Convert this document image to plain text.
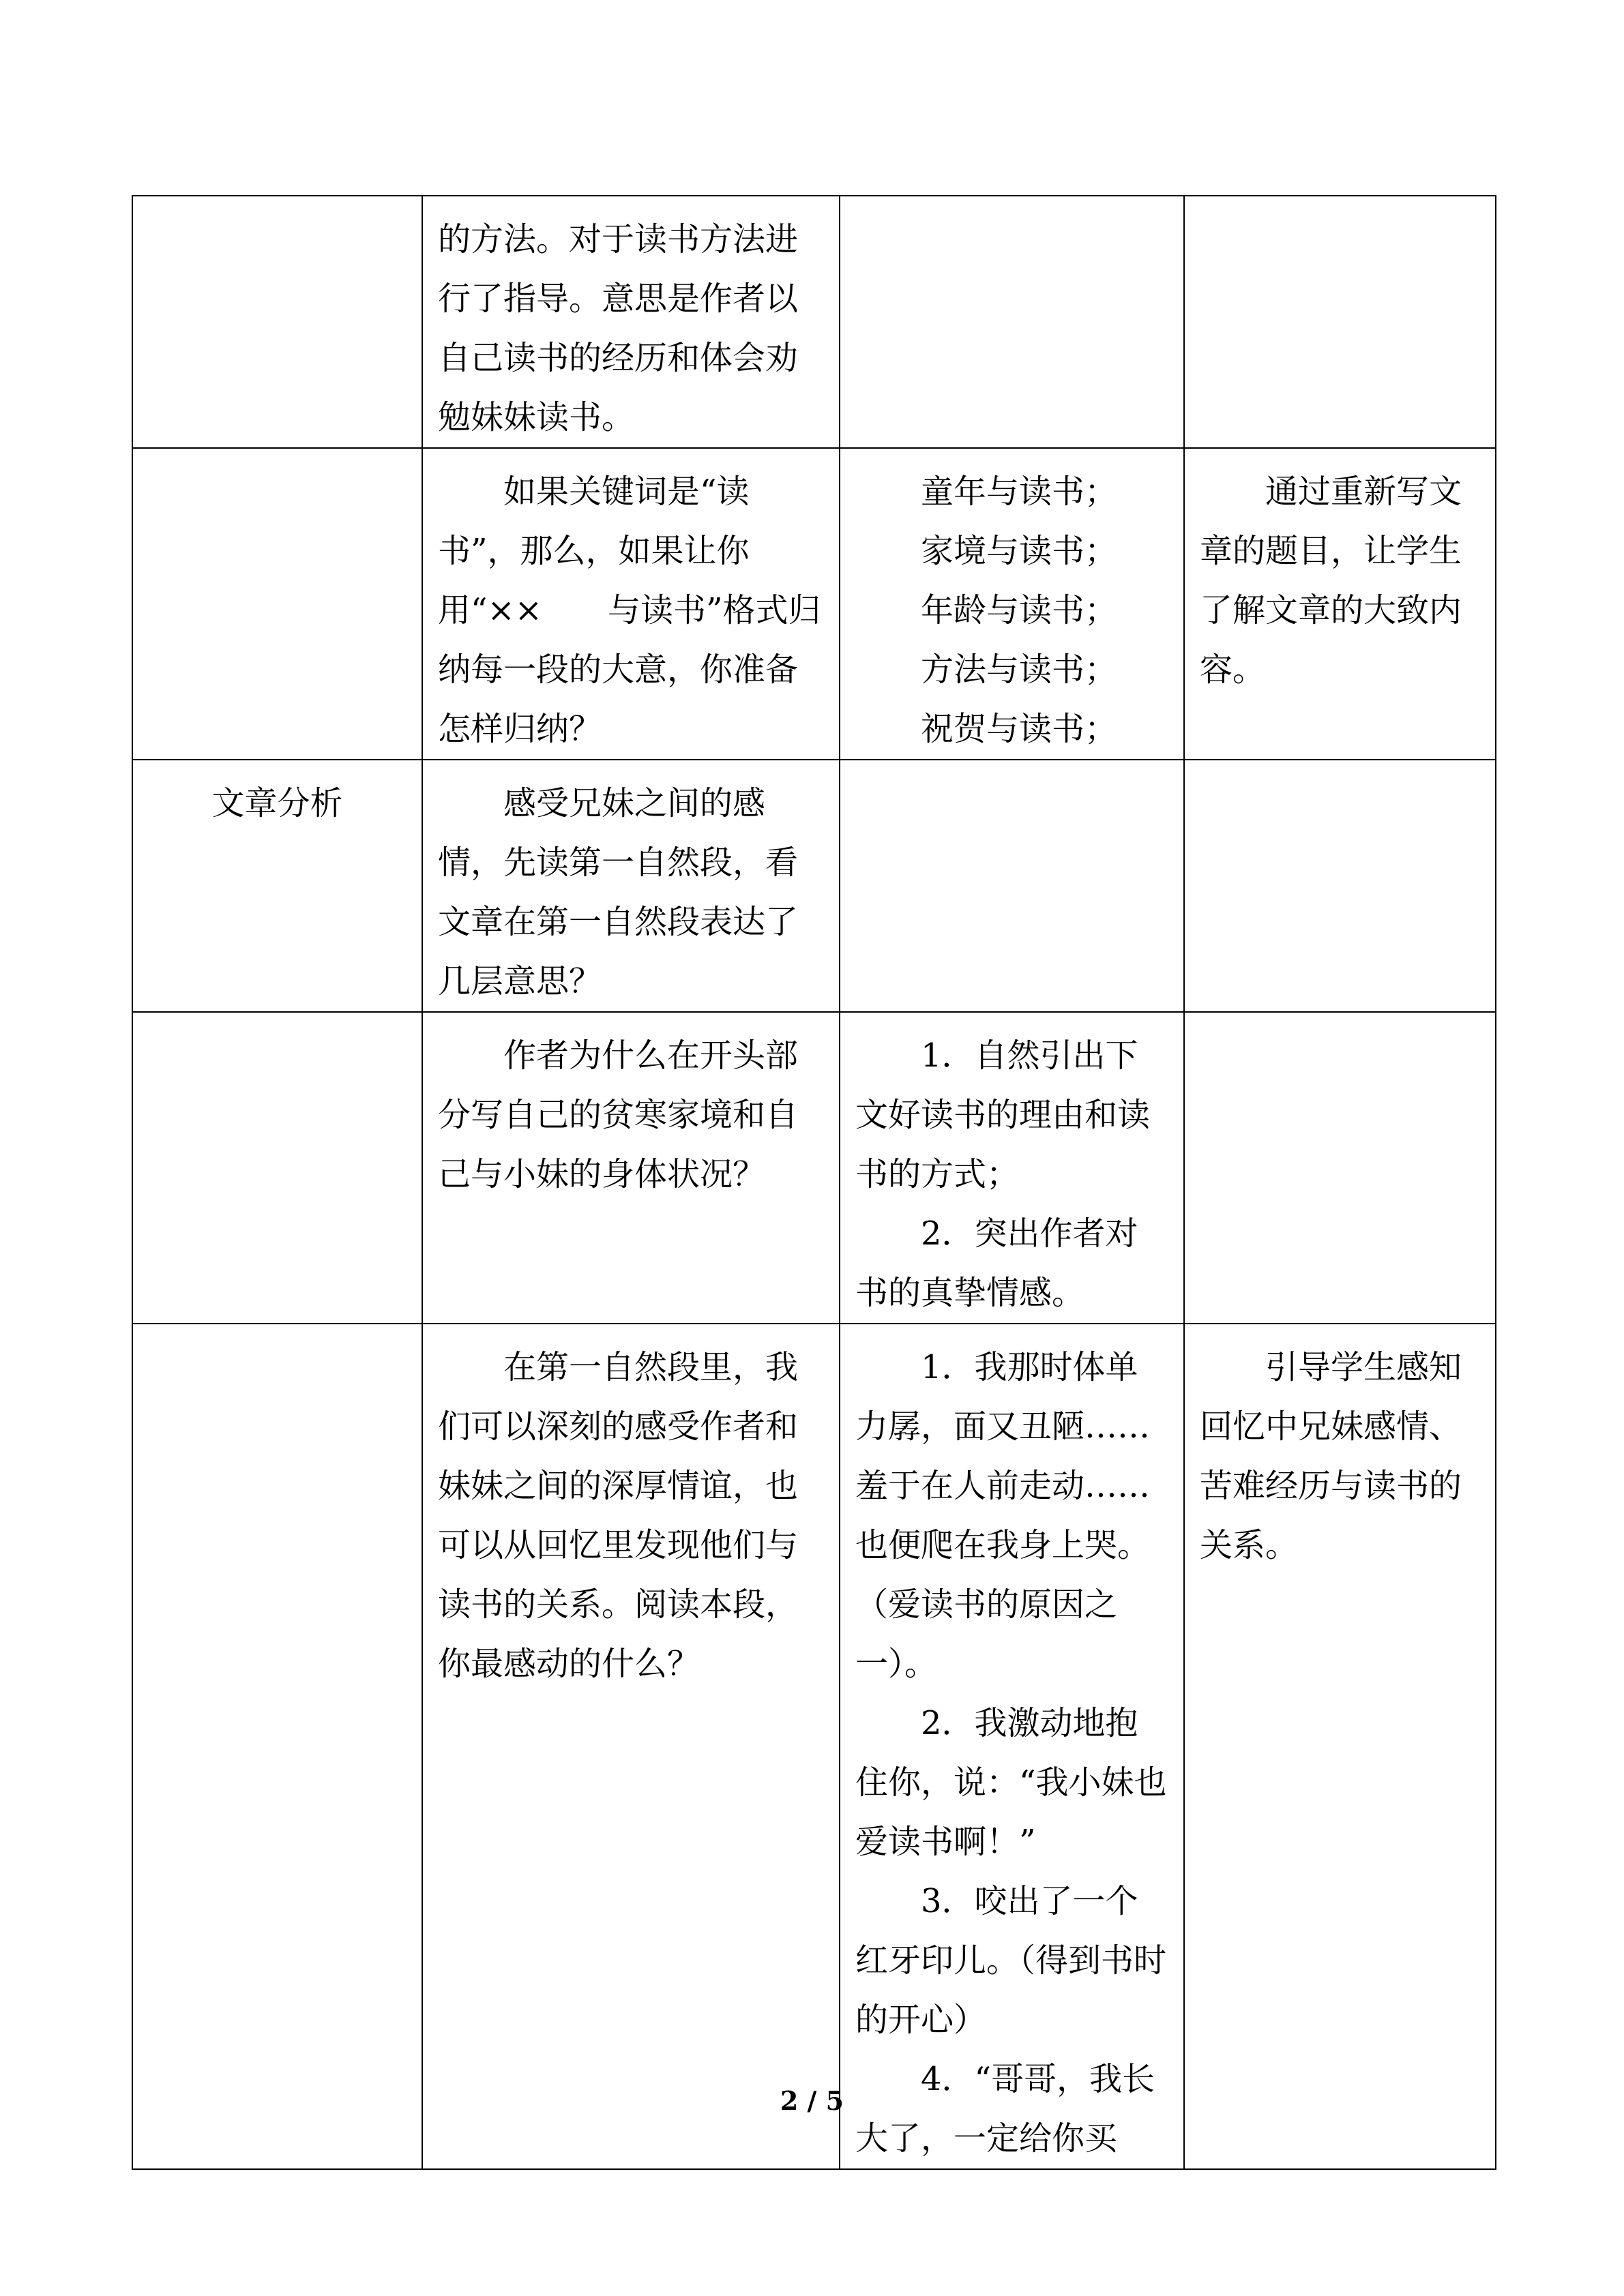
	的方法。对于读书方法进行了指导。意思是作者以自己读书的经历和体会劝勉妹妹读书。		

	如果关键词是“读书”，那么，如果让你用“××　　与读书”格式归纳每一段的大意，你准备怎样归纳？	童年与读书；

家境与读书；

年龄与读书；

方法与读书；

祝贺与读书；	通过重新写文章的题目，让学生了解文章的大致内容。

文章分析	感受兄妹之间的感情，先读第一自然段，看文章在第一自然段表达了几层意思？		

	作者为什么在开头部分写自己的贫寒家境和自己与小妹的身体状况？	1．自然引出下文好读书的理由和读书的方式；

2．突出作者对书的真挚情感。	

	在第一自然段里，我们可以深刻的感受作者和妹妹之间的深厚情谊，也可以从回忆里发现他们与读书的关系。阅读本段，你最感动的什么？	1．我那时体单力孱，面又丑陋……羞于在人前走动……也便爬在我身上哭。（爱读书的原因之一）。

2．我激动地抱住你，说：“我小妹也爱读书啊！”

3．咬出了一个红牙印儿。（得到书时的开心）

4．“哥哥，我长大了，一定给你买	引导学生感知回忆中兄妹感情、苦难经历与读书的关系。

2 / 5
